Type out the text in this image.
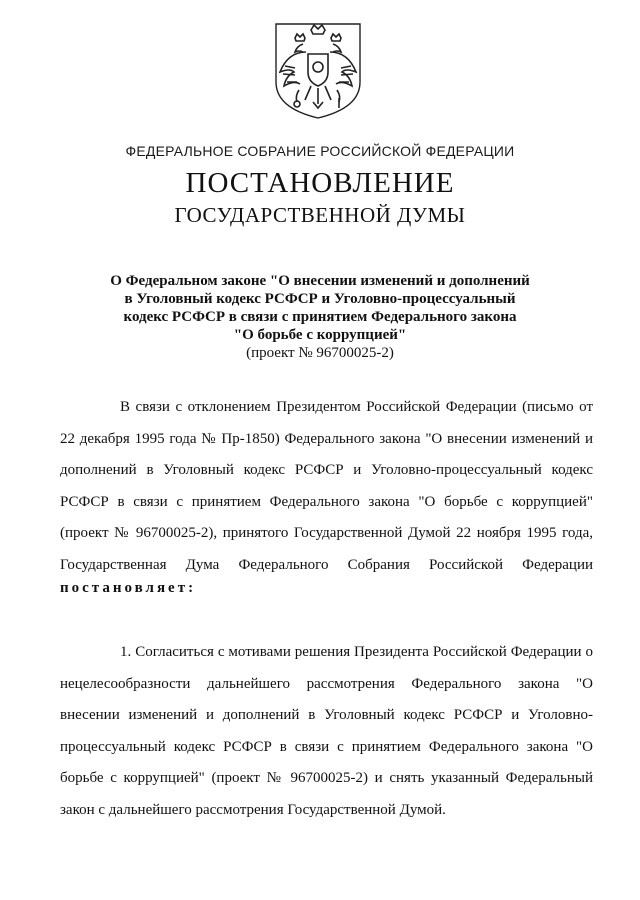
ФЕДЕРАЛЬНОЕ СОБРАНИЕ РОССИЙСКОЙ ФЕДЕРАЦИИ
ПОСТАНОВЛЕНИЕ
ГОСУДАРСТВЕННОЙ ДУМЫ
О Федеральном законе "О внесении изменений и дополнений
в Уголовный кодекс РСФСР и Уголовно-процессуальный
кодекс РСФСР в связи с принятием Федерального закона
"О борьбе с коррупцией"
(проект № 96700025-2)
В связи с отклонением Президентом Российской Федерации (письмо от
22 декабря 1995 года № Пр-1850) Федерального закона "О внесении изменений и
дополнений в Уголовный кодекс РСФСР и Уголовно-процессуальный кодекс
РСФСР в связи с принятием Федерального закона "О борьбе с коррупцией"
(проект № 96700025-2), принятого Государственной Думой 22 ноября 1995 года,
Государственная Дума Федерального Собрания Российской Федерации
постановляет:
1. Согласиться с мотивами решения Президента Российской Федерации о
нецелесообразности дальнейшего рассмотрения Федерального закона "О
внесении изменений и дополнений в Уголовный кодекс РСФСР и Уголовно-
процессуальный кодекс РСФСР в связи с принятием Федерального закона "О
борьбе с коррупцией" (проект № 96700025-2) и снять указанный Федеральный
закон с дальнейшего рассмотрения Государственной Думой.
